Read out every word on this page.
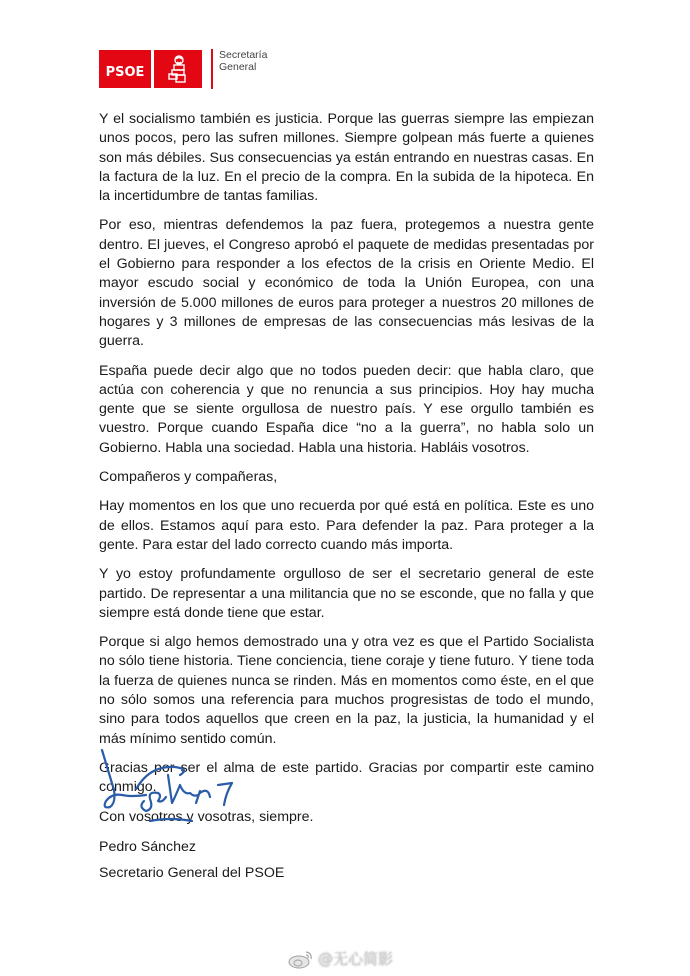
PSOE
Secretaría
General

Y el socialismo también es justicia. Porque las guerras siempre las empiezan unos pocos, pero las sufren millones. Siempre golpean más fuerte a quienes son más débiles. Sus consecuencias ya están entrando en nuestras casas. En la factura de la luz. En el precio de la compra. En la subida de la hipoteca. En la incertidumbre de tantas familias.

Por eso, mientras defendemos la paz fuera, protegemos a nuestra gente dentro. El jueves, el Congreso aprobó el paquete de medidas presentadas por el Gobierno para responder a los efectos de la crisis en Oriente Medio. El mayor escudo social y económico de toda la Unión Europea, con una inversión de 5.000 millones de euros para proteger a nuestros 20 millones de hogares y 3 millones de empresas de las consecuencias más lesivas de la guerra.

España puede decir algo que no todos pueden decir: que habla claro, que actúa con coherencia y que no renuncia a sus principios. Hoy hay mucha gente que se siente orgullosa de nuestro país. Y ese orgullo también es vuestro. Porque cuando España dice “no a la guerra”, no habla solo un Gobierno. Habla una sociedad. Habla una historia. Habláis vosotros.

Compañeros y compañeras,

Hay momentos en los que uno recuerda por qué está en política. Este es uno de ellos. Estamos aquí para esto. Para defender la paz. Para proteger a la gente. Para estar del lado correcto cuando más importa.

Y yo estoy profundamente orgulloso de ser el secretario general de este partido. De representar a una militancia que no se esconde, que no falla y que siempre está donde tiene que estar.

Porque si algo hemos demostrado una y otra vez es que el Partido Socialista no sólo tiene historia. Tiene conciencia, tiene coraje y tiene futuro. Y tiene toda la fuerza de quienes nunca se rinden. Más en momentos como éste, en el que no sólo somos una referencia para muchos progresistas de todo el mundo, sino para todos aquellos que creen en la paz, la justicia, la humanidad y el más mínimo sentido común.

Gracias por ser el alma de este partido. Gracias por compartir este camino conmigo.

Con vosotros y vosotras, siempre.

Pedro Sánchez
Secretario General del PSOE
@无心简影
